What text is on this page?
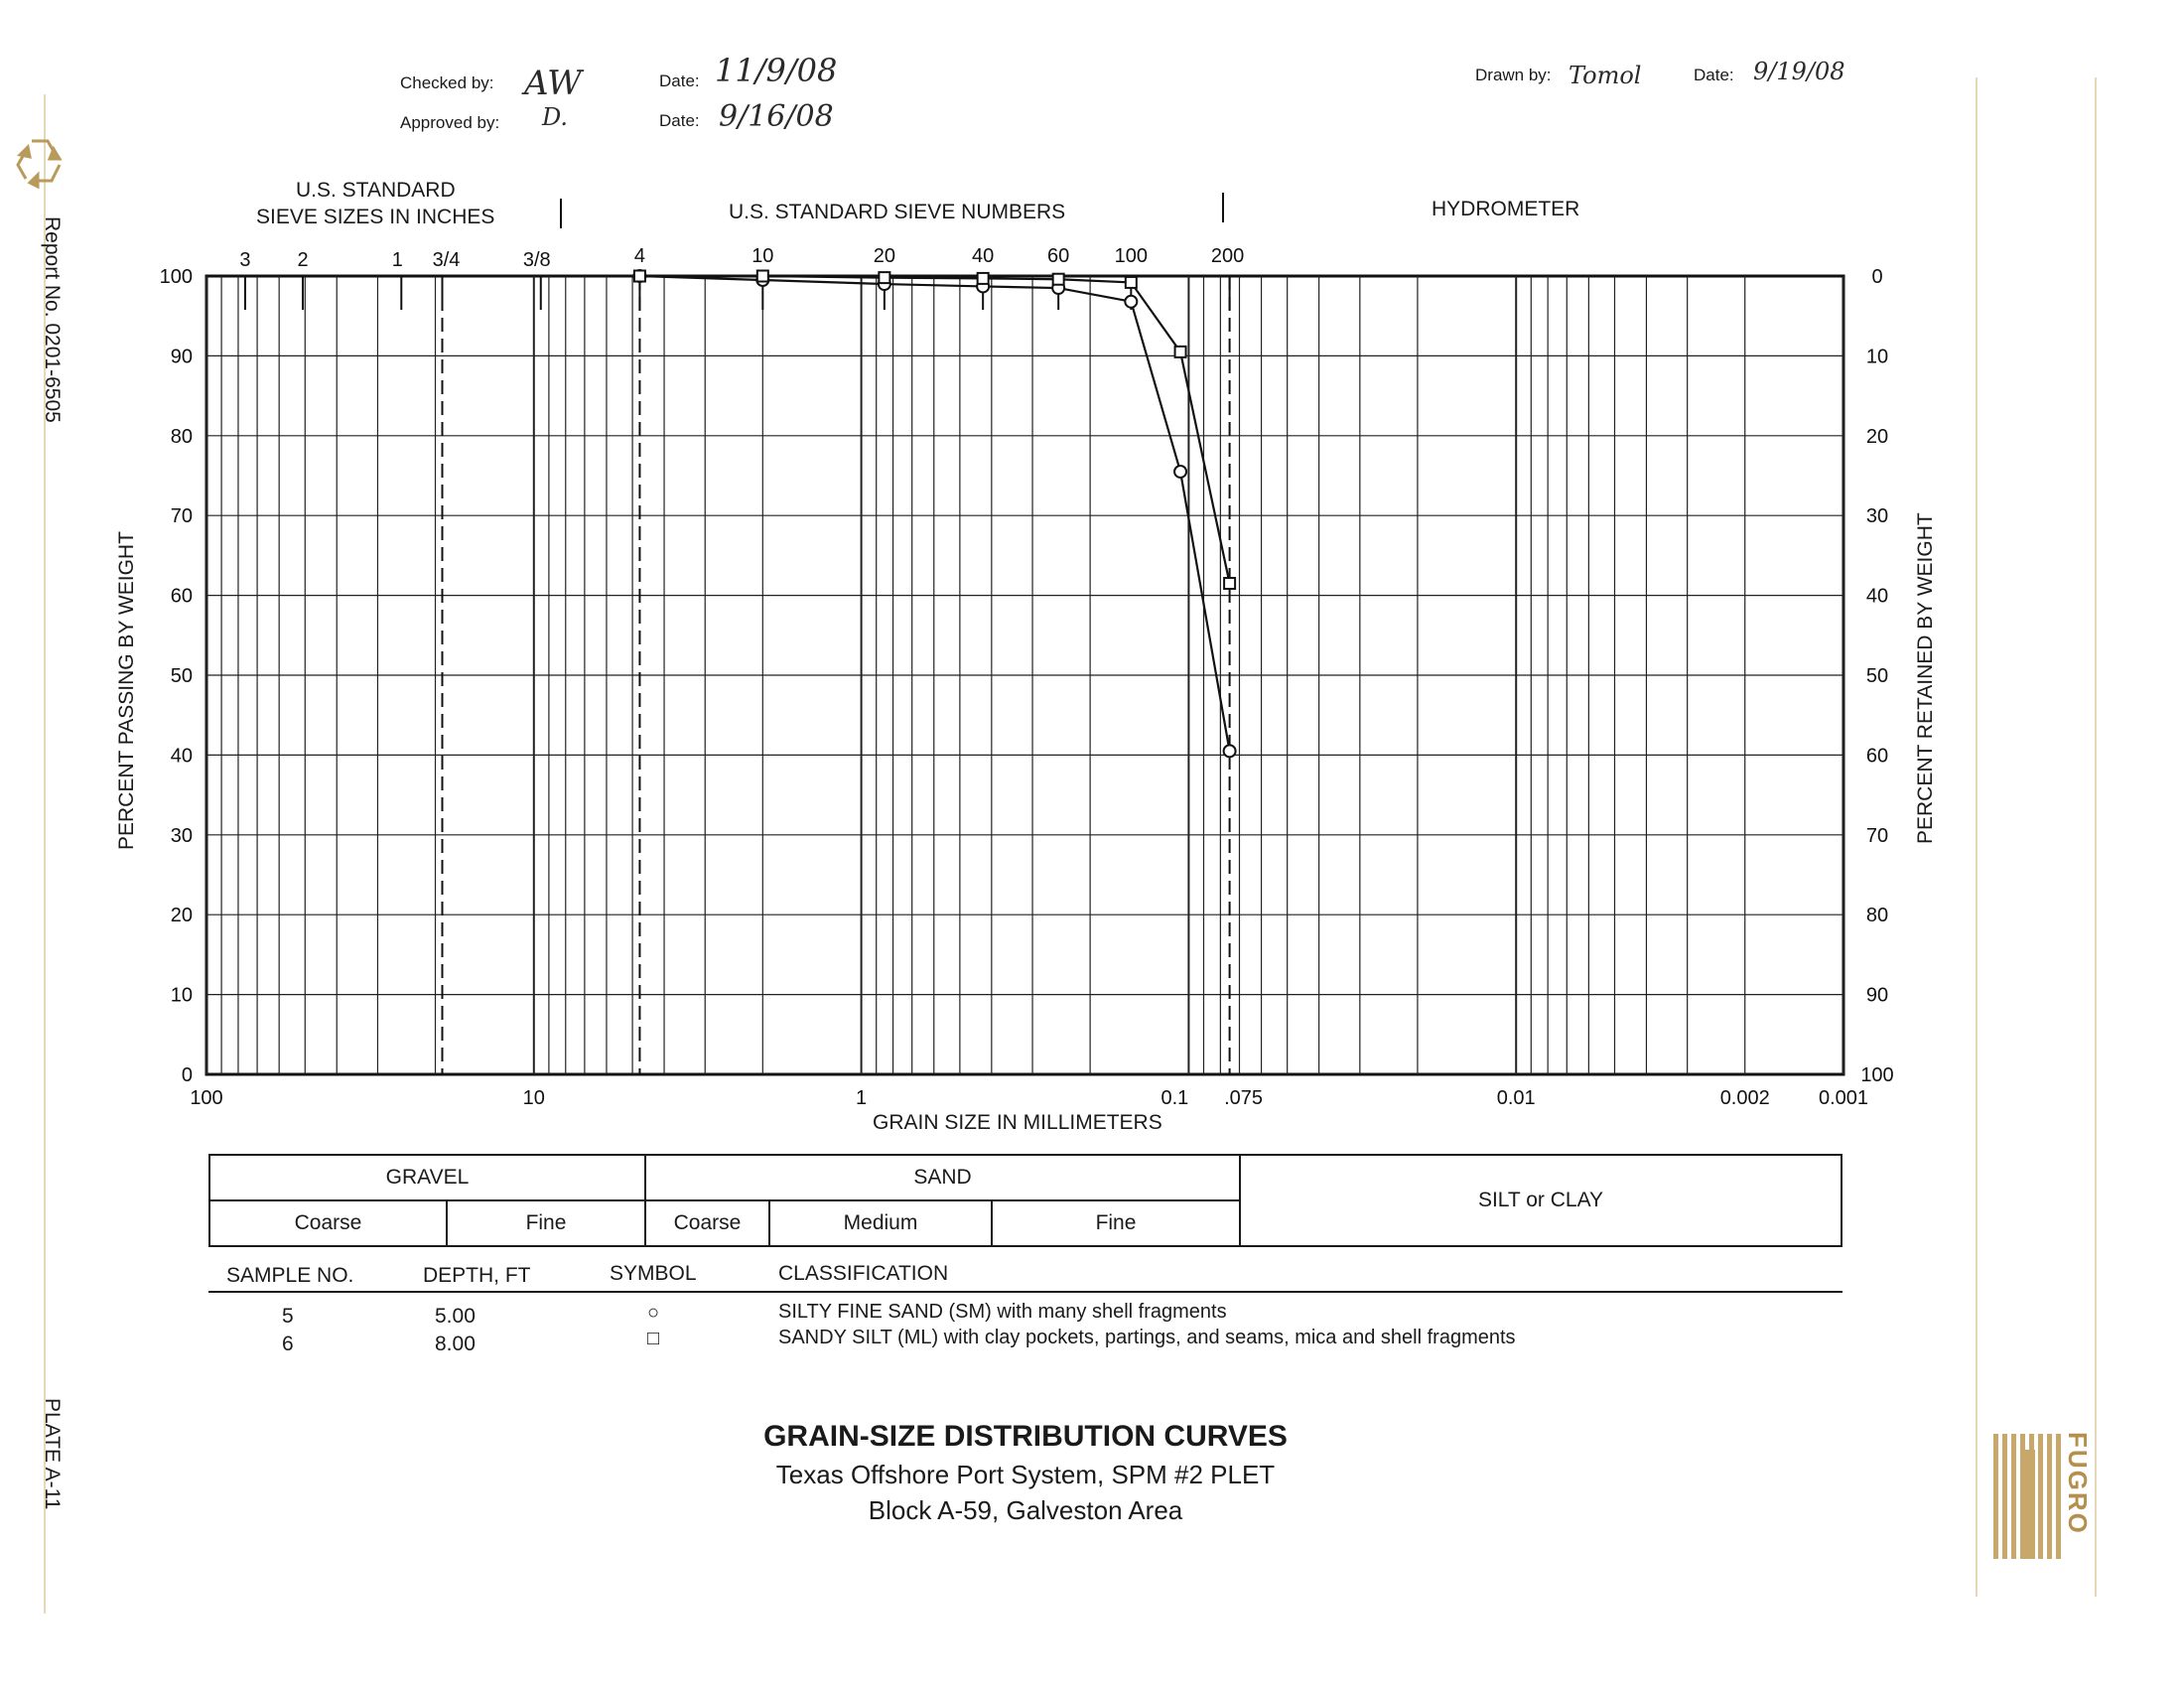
Checked by: AW	Date: 11/9/08
Approved by: D.	Date: 9/16/08
Drawn by: Tomol	Date: 9/19/08
Report No. 0201-6505
PLATE A-11
U.S. STANDARD
SIEVE SIZES IN INCHES	U.S. STANDARD SIEVE NUMBERS	HYDROMETER
3 2	1 3/4	3/8	4	10	20	40	60 100	200
100	10	1	0.1 .075	0.01	0.002 0.001
0
10
20
30
40
50
60
70
80
90
100
100
90
80
70
60
50
40
30
20
10
0
PERCENT PASSING BY WEIGHT	PERCENT RETAINED BY WEIGHT
GRAIN SIZE IN MILLIMETERS
GRAVEL		SAND			SILT or CLAY
Coarse	Fine	Coarse	Medium	Fine	
SAMPLE NO.	DEPTH, FT	SYMBOL	CLASSIFICATION
5	5.00	○	SILTY FINE SAND (SM) with many shell fragments
6	8.00	□	SANDY SILT (ML) with clay pockets, partings, and seams, mica and shell fragments
GRAIN-SIZE DISTRIBUTION CURVES
Texas Offshore Port System, SPM #2 PLET
Block A-59, Galveston Area	FUGRO
